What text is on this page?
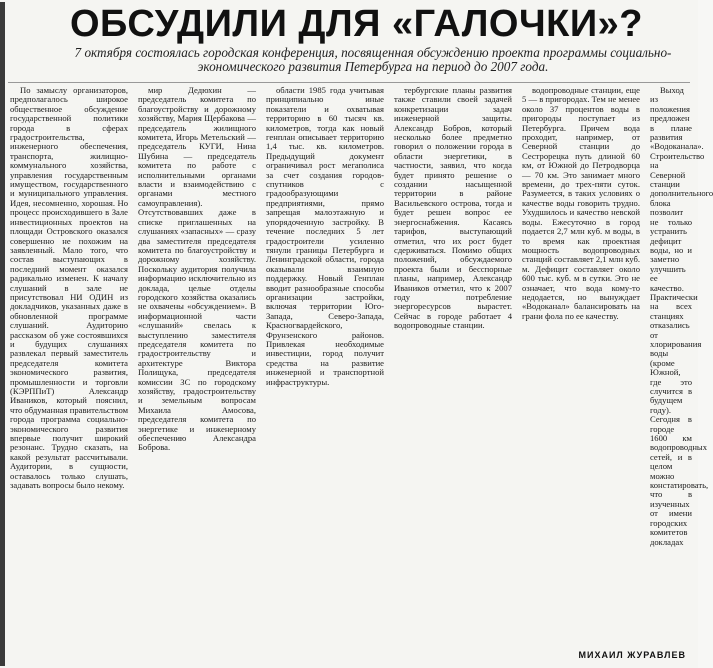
ОБСУДИЛИ ДЛЯ «ГАЛОЧКИ»?
7 октября состоялась городская конференция, посвященная обсуждению проекта программы социально-экономического развития Петербурга на период до 2007 года.

По замыслу организаторов, предполагалось широкое общественное обсуждение государственной политики города в сферах градостроительства, инженерного обеспечения, транспорта, жилищно-коммунального хозяйства, управления государственным имуществом, государственного и муниципального управления. Идея, несомненно, хорошая. Но процесс происходившего в Зале инвестиционных проектов на площади Островского оказался совершенно не похожим на заявленный. Мало того, что состав выступающих в последний момент оказался радикально изменен. К началу слушаний в зале не присутствовал НИ ОДИН из докладчиков, указанных даже в обновленной программе слушаний. Аудиторию рассказом об уже состоявшихся и будущих слушаниях развлекал первый заместитель председателя комитета экономического развития, промышленности и торговли (КЭРППиТ) Александр Иваников, который пояснил, что обдуманная правительством города программа социально-экономического развития впервые получит широкий резонанс. Трудно сказать, на какой результат рассчитывали. Аудитории, в сущности, оставалось только слушать, задавать вопросы было некому.

мир Дедюхин — председатель комитета по благоустройству и дорожному хозяйству, Мария Щербакова — председатель жилищного комитета, Игорь Метельский — председатель КУГИ, Нина Шубина — председатель комитета по работе с исполнительными органами власти и взаимодействию с органами местного самоуправления). Отсутствовавших даже в списке приглашенных на слушаниях «запасных» — сразу два заместителя председателя комитета по благоустройству и дорожному хозяйству. Поскольку аудитория получила информацию исключительно из доклада, целые отделы городского хозяйства оказались не охвачены «обсуждением». В информационной части «слушаний» свелась к выступлению заместителя председателя комитета по градостроительству и архитектуре Виктора Полищука, председателя комиссии ЗС по городскому хозяйству, градостроительству и земельным вопросам Михаила Амосова, председателя комитета по энергетике и инженерному обеспечению Александра Боброва.

области 1985 года учитывая принципиально иные показатели и охватывая территорию в 60 тысяч кв. километров, тогда как новый генплан описывает территорию 1,4 тыс. кв. километров. Предыдущий документ ограничивал рост мегаполиса за счет создания городов-спутников с градообразующими предприятиями, прямо запрещая малоэтажную и упорядоченную застройку. В течение последних 5 лет градостроители усиленно тянули границы Петербурга и Ленинградской области, города оказывали взаимную поддержку. Новый Генплан вводит разнообразные способы организации застройки, включая территории Юго-Запада, Северо-Запада, Красногвардейского, Фрунзенского районов. Привлекая необходимые инвестиции, город получит средства на развитие инженерной и транспортной инфраструктуры.

тербургские планы развития также ставили своей задачей конкретизации задач инженерной защиты. Александр Бобров, который несколько более предметно говорил о положении города в области энергетики, в частности, заявил, что когда будет принято решение о создании насыщенной территории в районе Васильевского острова, тогда и будет решен вопрос ее энергоснабжения. Касаясь тарифов, выступающий отметил, что их рост будет сдерживаться. Помимо общих положений, обсуждаемого проекта были и бесспорные планы, например, Александр Иваников отметил, что к 2007 году потребление энергоресурсов вырастет. Сейчас в городе работает 4 водопроводные станции.

водопроводные станции, еще 5 — в пригородах. Тем не менее около 37 процентов воды в пригороды поступает из Петербурга. Причем вода проходит, например, от Северной станции до Сестрорецка путь длиной 60 км, от Южной до Петродворца — 70 км. Это занимает много времени, до трех-пяти суток. Разумеется, в таких условиях о качестве воды говорить трудно. Ухудшилось и качество невской воды. Ежесуточно в город подается 2,7 млн куб. м воды, в то время как проектная мощность водопроводных станций составляет 2,1 млн куб. м. Дефицит составляет около 600 тыс. куб. м в сутки. Это не означает, что вода кому-то недодается, но вынуждает «Водоканал» балансировать на грани фола по ее качеству.

Выход из положения предложен в плане развития «Водоканала». Строительство на Северной станции дополнительного блока позволит не только устранить дефицит воды, но и заметно улучшить ее качество. Практически на всех станциях отказались от хлорирования воды (кроме Южной, где это случится в будущем году). Сегодня в городе 1600 км водопроводных сетей, и в целом можно констатировать, что в изученных от имени городских комитетов докладах

МИХАИЛ ЖУРАВЛЕВ
